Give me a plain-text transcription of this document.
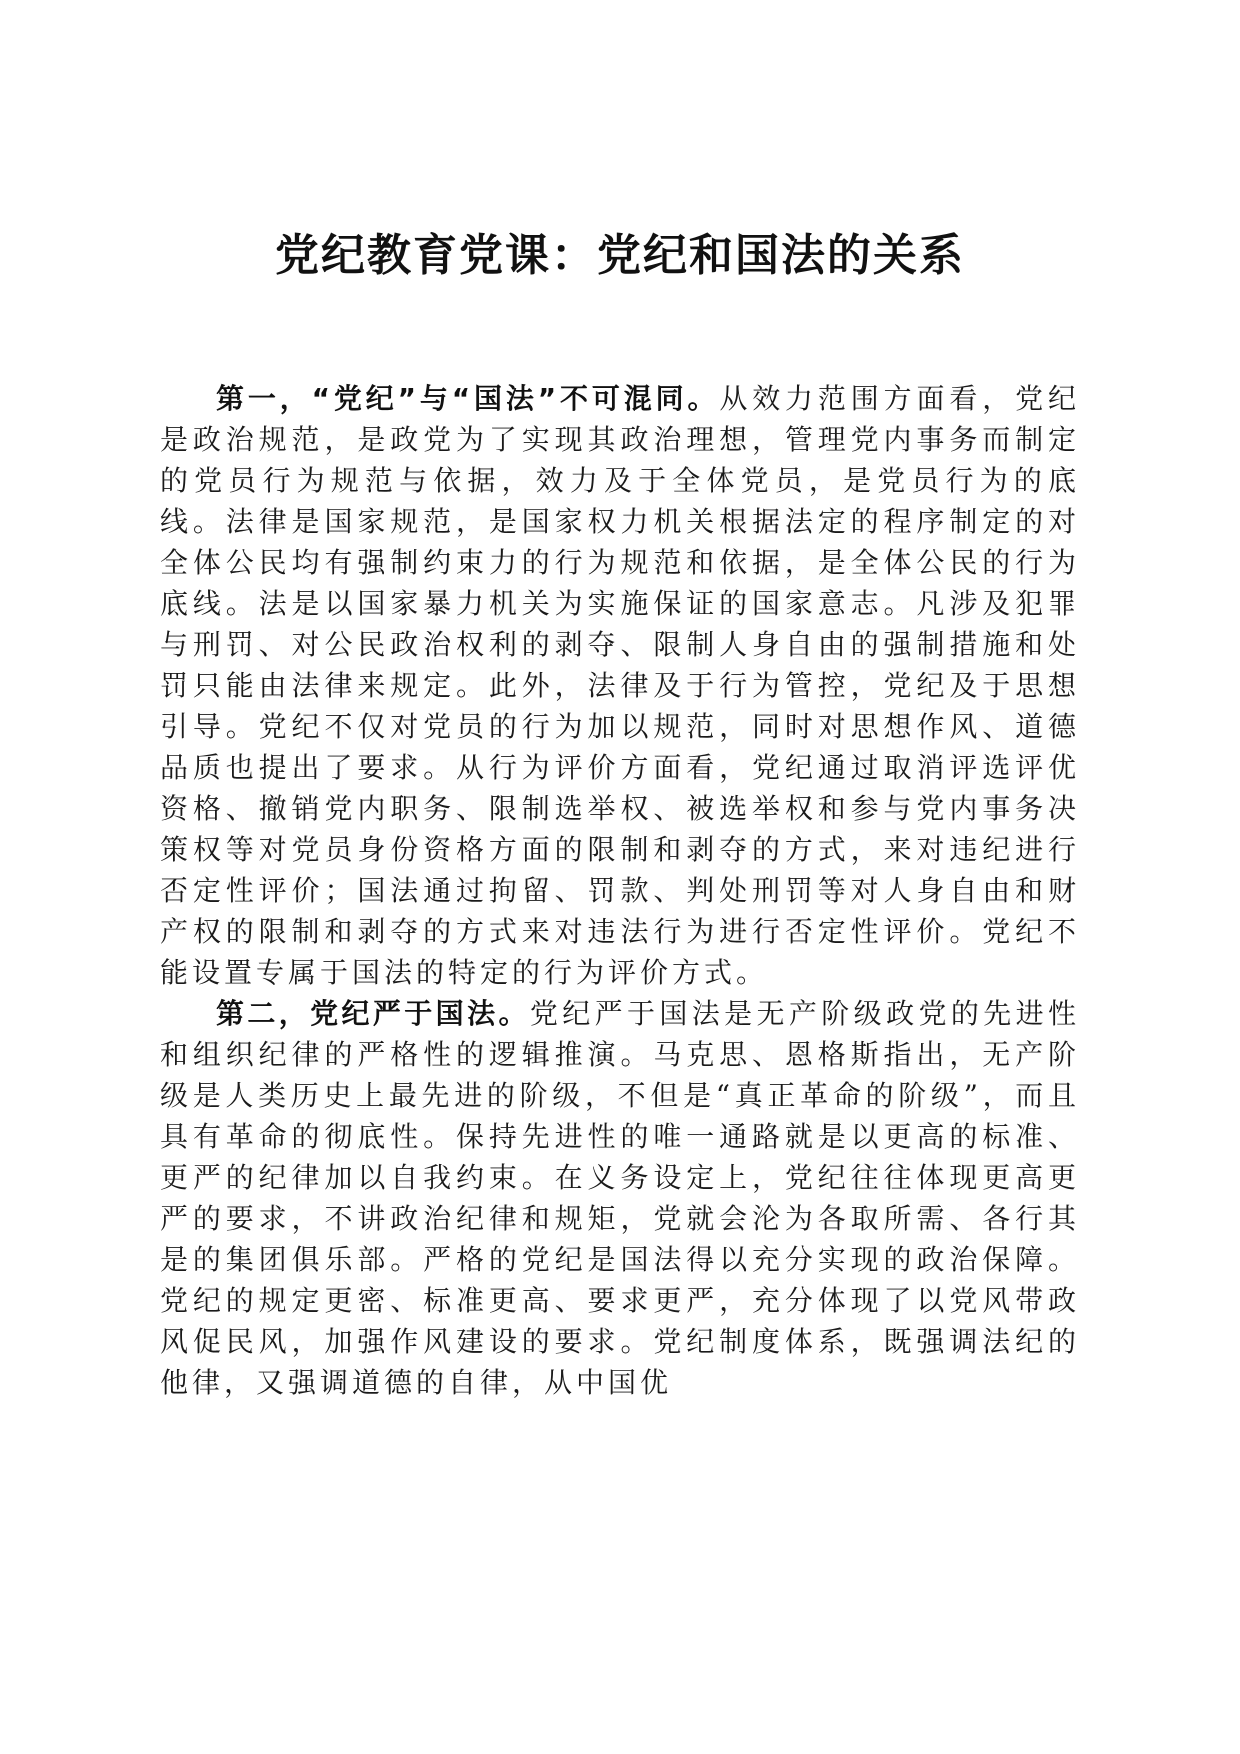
党纪教育党课：党纪和国法的关系

第一，“党纪”与“国法”不可混同。从效力范围方面看，党纪是政治规范，是政党为了实现其政治理想，管理党内事务而制定的党员行为规范与依据，效力及于全体党员，是党员行为的底线。法律是国家规范，是国家权力机关根据法定的程序制定的对全体公民均有强制约束力的行为规范和依据，是全体公民的行为底线。法是以国家暴力机关为实施保证的国家意志。凡涉及犯罪与刑罚、对公民政治权利的剥夺、限制人身自由的强制措施和处罚只能由法律来规定。此外，法律及于行为管控，党纪及于思想引导。党纪不仅对党员的行为加以规范，同时对思想作风、道德品质也提出了要求。从行为评价方面看，党纪通过取消评选评优资格、撤销党内职务、限制选举权、被选举权和参与党内事务决策权等对党员身份资格方面的限制和剥夺的方式，来对违纪进行否定性评价；国法通过拘留、罚款、判处刑罚等对人身自由和财产权的限制和剥夺的方式来对违法行为进行否定性评价。党纪不能设置专属于国法的特定的行为评价方式。

第二，党纪严于国法。党纪严于国法是无产阶级政党的先进性和组织纪律的严格性的逻辑推演。马克思、恩格斯指出，无产阶级是人类历史上最先进的阶级，不但是“真正革命的阶级”，而且具有革命的彻底性。保持先进性的唯一通路就是以更高的标准、更严的纪律加以自我约束。在义务设定上，党纪往往体现更高更严的要求，不讲政治纪律和规矩，党就会沦为各取所需、各行其是的集团俱乐部。严格的党纪是国法得以充分实现的政治保障。党纪的规定更密、标准更高、要求更严，充分体现了以党风带政风促民风，加强作风建设的要求。党纪制度体系，既强调法纪的他律，又强调道德的自律，从中国优
